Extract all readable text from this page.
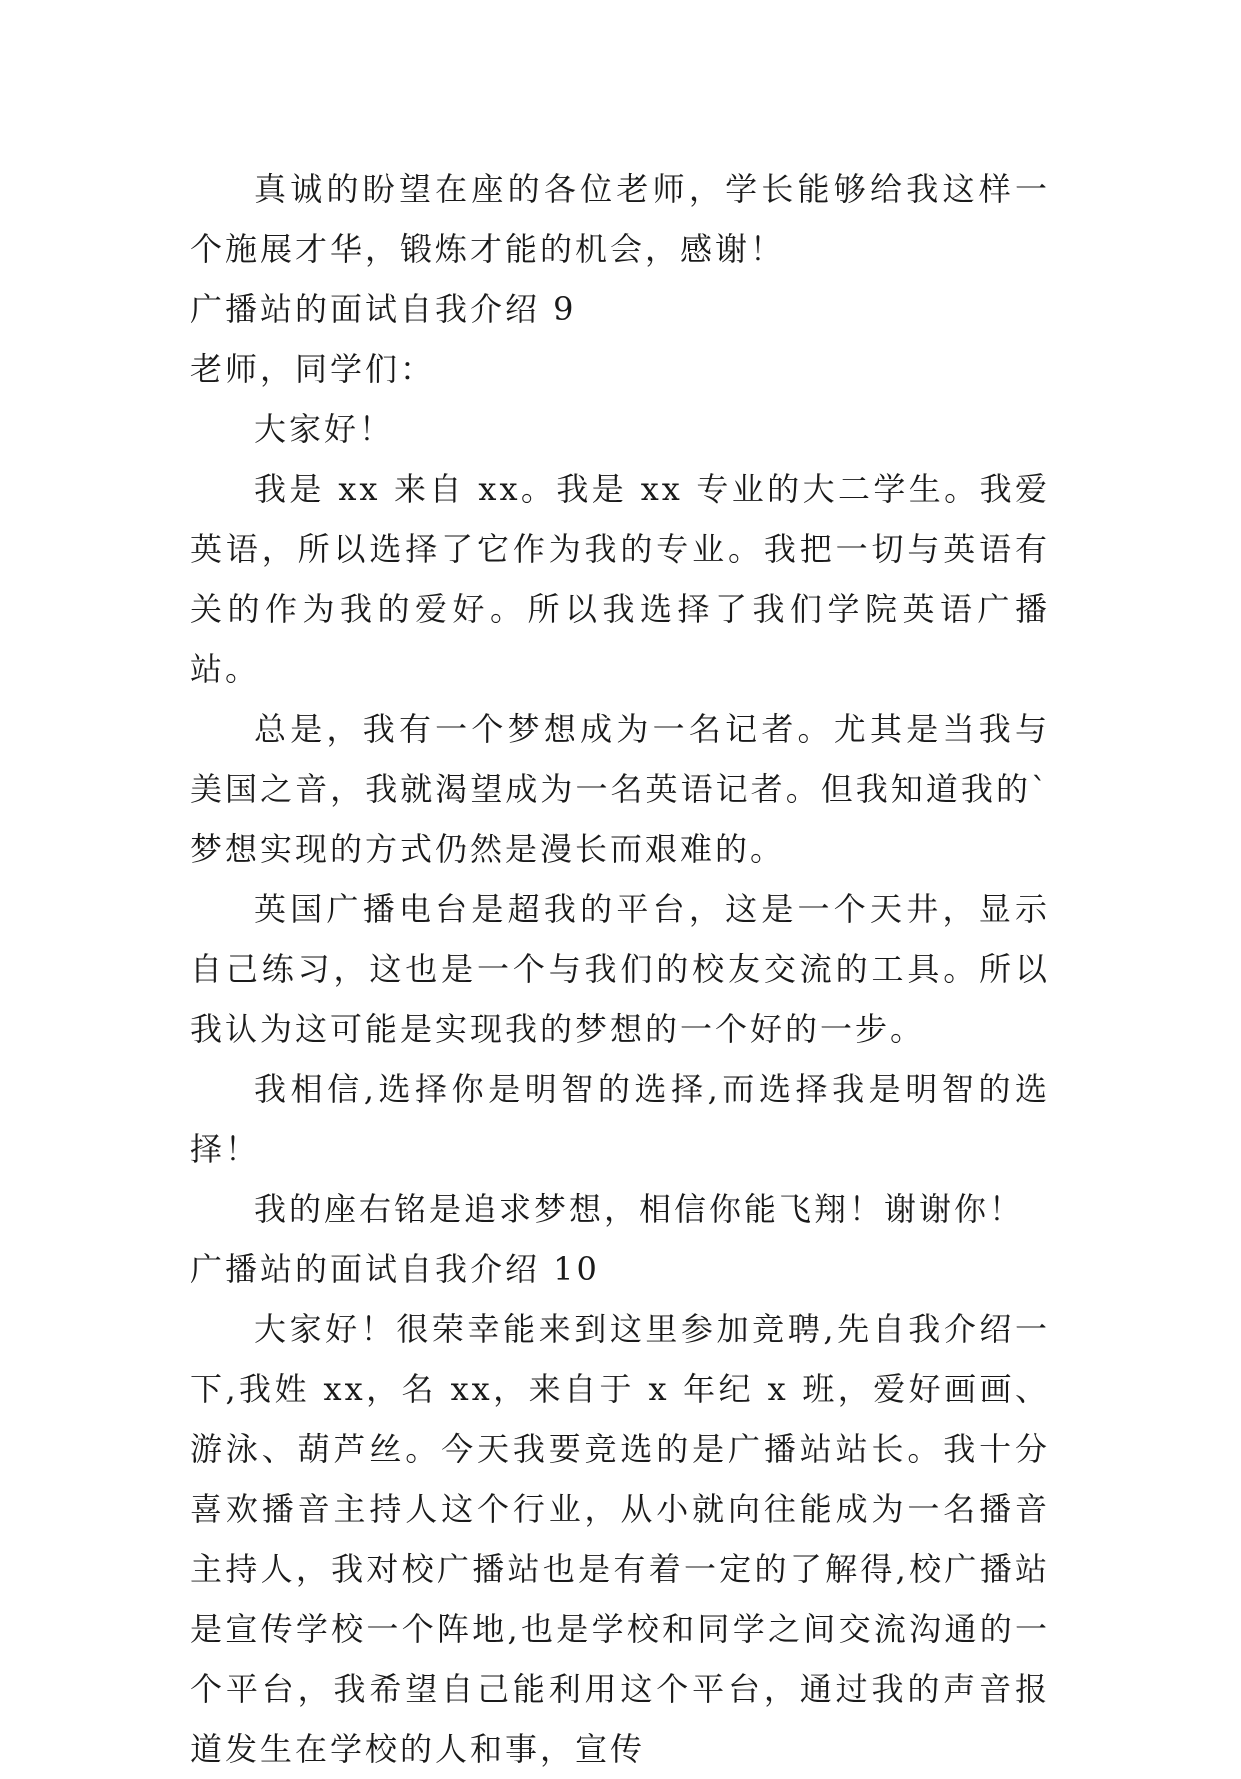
真诚的盼望在座的各位老师，学长能够给我这样一个施展才华，锻炼才能的机会，感谢！

广播站的面试自我介绍 9

老师，同学们：

大家好！

我是 xx 来自 xx。我是 xx 专业的大二学生。我爱英语，所以选择了它作为我的专业。我把一切与英语有关的作为我的爱好。所以我选择了我们学院英语广播站。

总是，我有一个梦想成为一名记者。尤其是当我与美国之音，我就渴望成为一名英语记者。但我知道我的`梦想实现的方式仍然是漫长而艰难的。

英国广播电台是超我的平台，这是一个天井，显示自己练习，这也是一个与我们的校友交流的工具。所以我认为这可能是实现我的梦想的一个好的一步。

我相信,选择你是明智的选择,而选择我是明智的选择！

我的座右铭是追求梦想，相信你能飞翔！谢谢你！

广播站的面试自我介绍 10

大家好！很荣幸能来到这里参加竞聘,先自我介绍一下,我姓 xx，名 xx，来自于 x 年纪 x 班，爱好画画、游泳、葫芦丝。今天我要竞选的是广播站站长。我十分喜欢播音主持人这个行业，从小就向往能成为一名播音主持人，我对校广播站也是有着一定的了解得,校广播站是宣传学校一个阵地,也是学校和同学之间交流沟通的一个平台，我希望自己能利用这个平台，通过我的声音报道发生在学校的人和事，宣传
